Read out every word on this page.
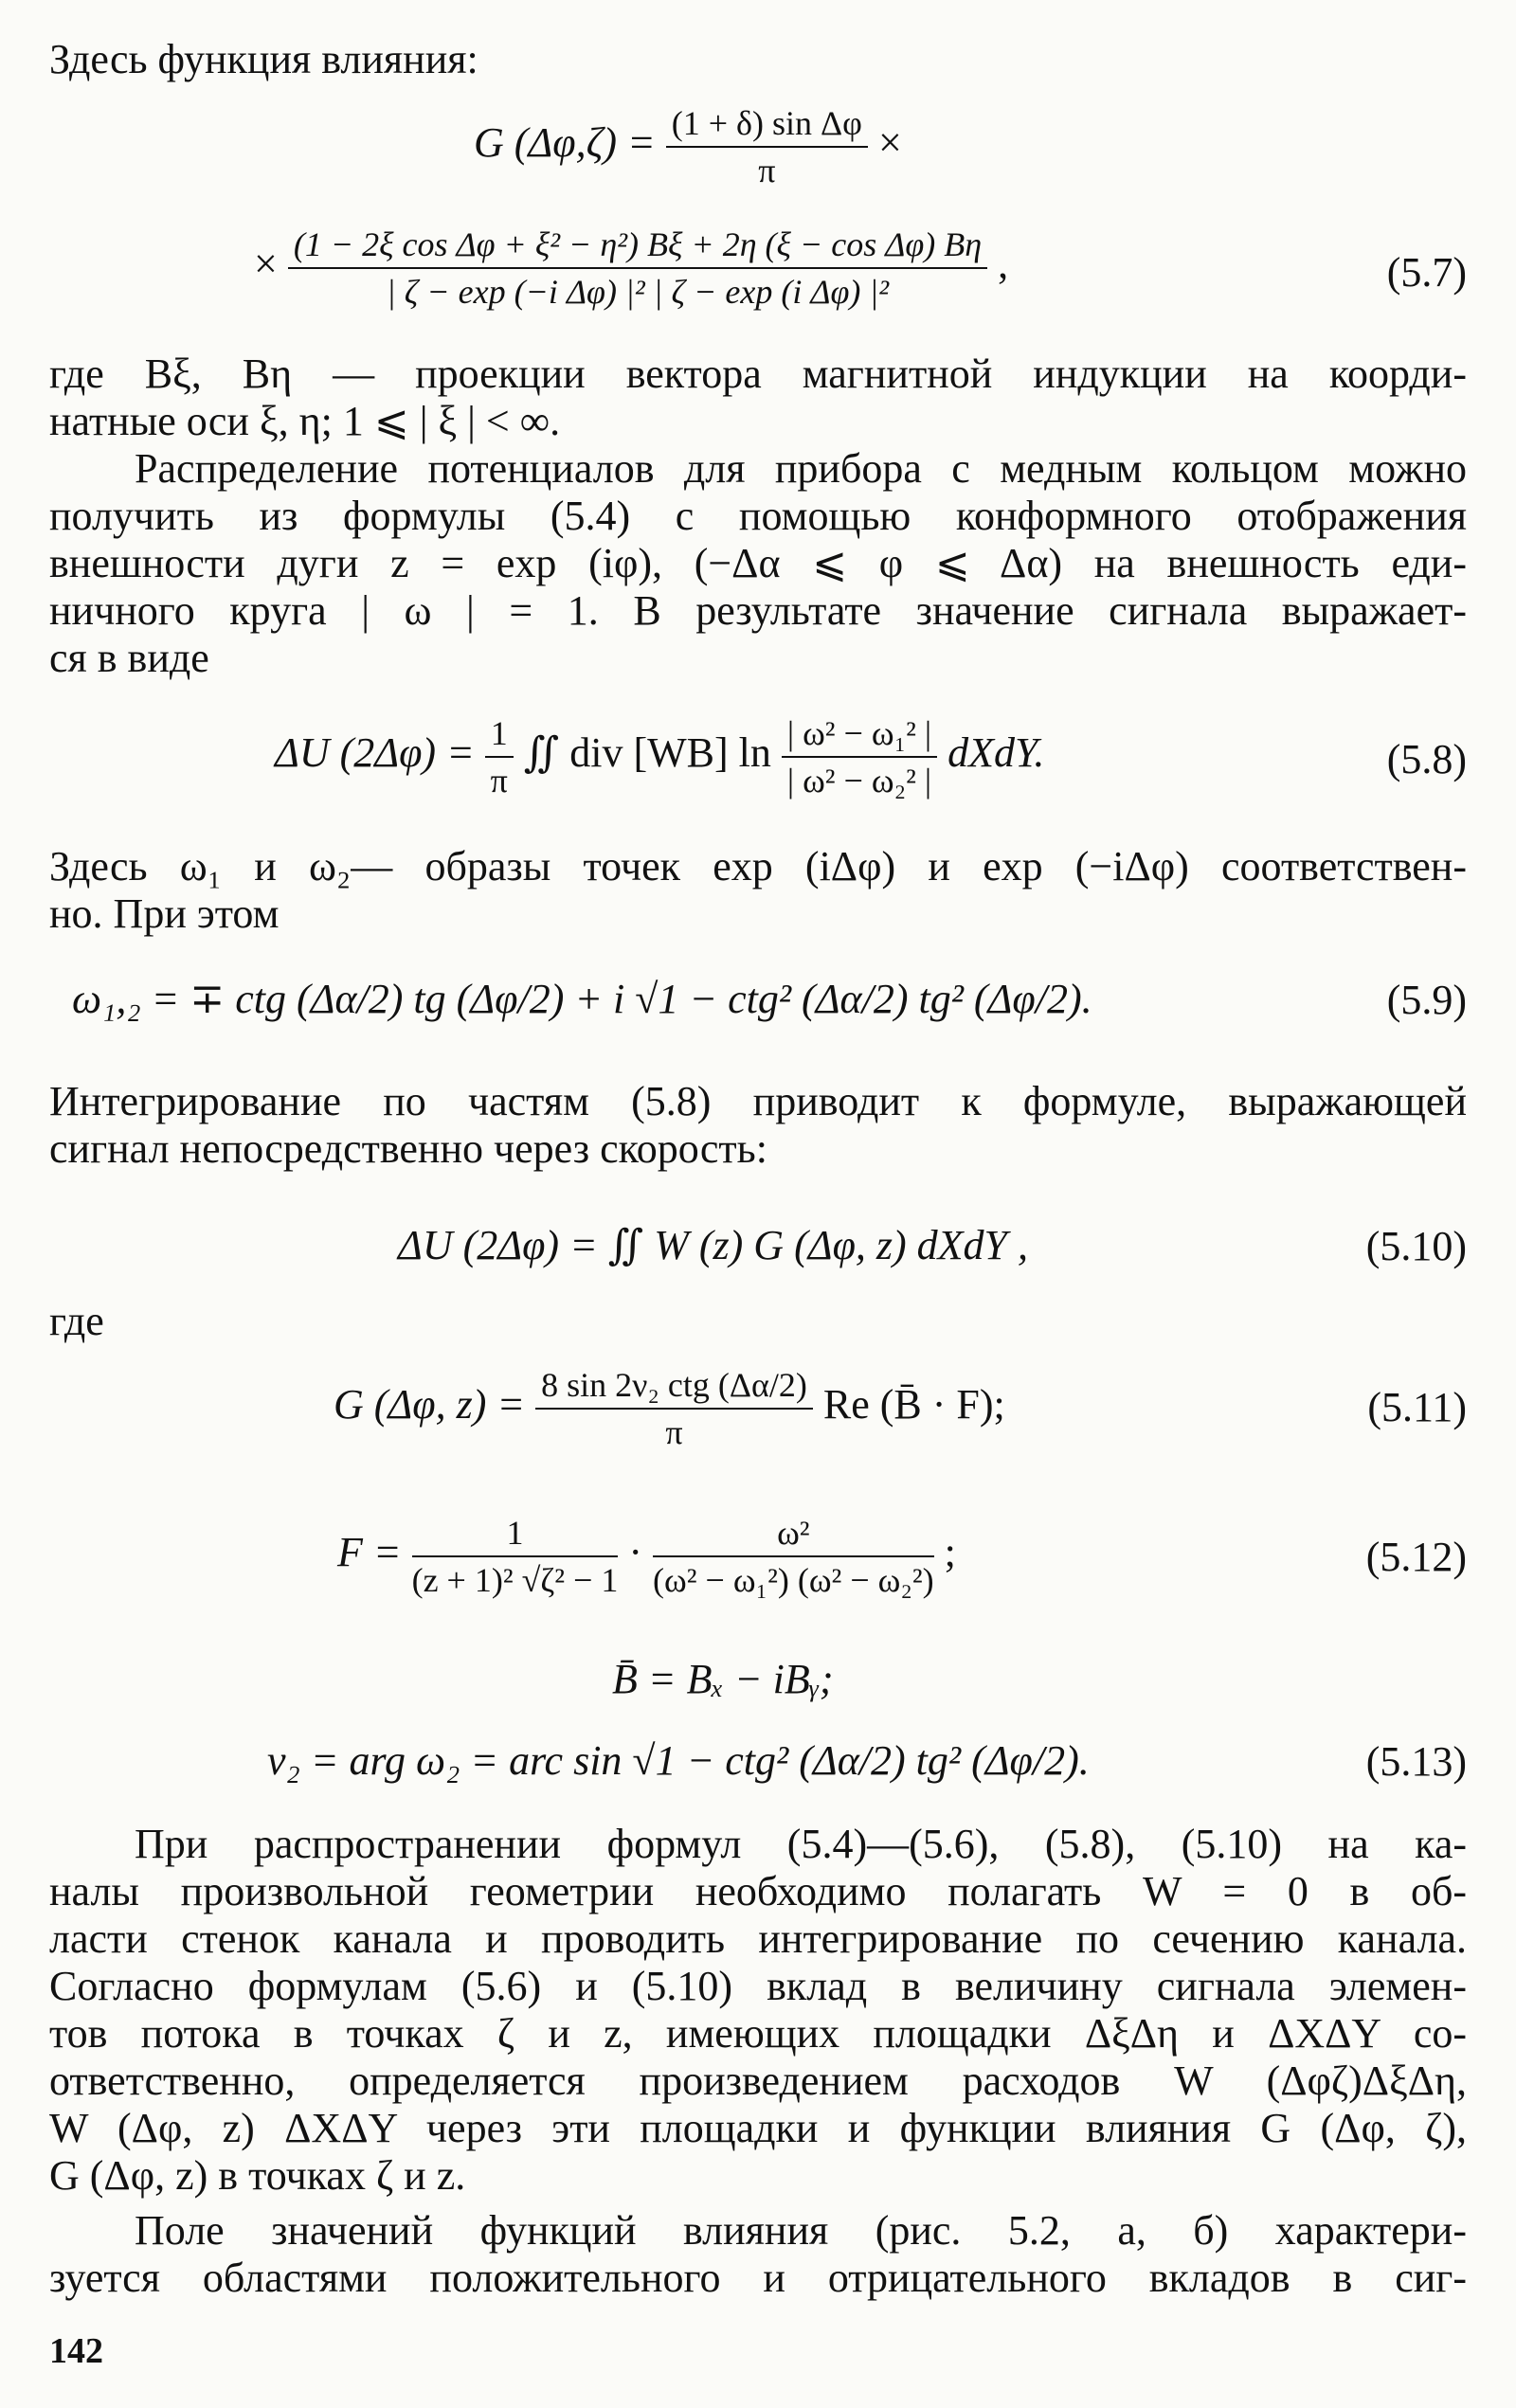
Здесь функция влияния:
G $(\Delta\varphi,\zeta) = \frac{\text{(1 + δ) sin Δφ}}{\pi}$ ×
× $\frac{\text{(1 − 2ξ cos Δφ + ξ² − η²) Bξ + 2η (ξ − cos Δφ) Bη}}{\text{| ζ − exp (−i Δφ) |² | ζ − exp (i Δφ) |²}}$ ,	(5.7)
где Bξ, Bη — проекции вектора магнитной индукции на коорди-
натные оси ξ, η; 1 ⩽ | ξ | < ∞.
Распределение потенциалов для прибора с медным кольцом можно
получить из формулы (5.4) с помощью конформного отображения
внешности дуги z = exp (iφ), (−Δα ⩽ φ ⩽ Δα) на внешность еди-
ничного круга | ω | = 1. В результате значение сигнала выражает-
ся в виде
ΔU $(2\Delta\varphi) = \frac{1}{\pi}$ ∬ div [WB] $\ln \frac{\text{| ω² − ω₁² |}}{\text{| ω² − ω₂² |}}$ dXdY.	(5.8)
Здесь ω₁ и ω₂— образы точек exp (iΔφ) и exp (−iΔφ) соответствен-
но. При этом
ω₁,₂ = ∓ ctg (Δα/2) tg (Δφ/2) + i √1 − ctg² (Δα/2) tg² (Δφ/2).	(5.9)
Интегрирование по частям (5.8) приводит к формуле, выражающей
сигнал непосредственно через скорость:
ΔU (2Δφ) = ∬ W (z) G (Δφ, z) dXdY ,	(5.10)
где
G (Δφ, $z) = \frac{\text{8 sin 2ν₂ ctg (Δα/2)}}{\pi}$ Re (B̄ · F);	(5.11)
$F = \frac{1}{\text{(z + 1)² √ζ² − 1}} \cdot \frac{\text{ω²}}{\text{(ω² − ω₁²) (ω² − ω₂²)}}$ ;	(5.12)
B̄ = Bₓ − iBᵧ;
ν₂ = arg ω₂ = arc sin √1 − ctg² (Δα/2) tg² (Δφ/2).	(5.13)
При распространении формул (5.4)—(5.6), (5.8), (5.10) на ка-
налы произвольной геометрии необходимо полагать W = 0 в об-
ласти стенок канала и проводить интегрирование по сечению канала.
Согласно формулам (5.6) и (5.10) вклад в величину сигнала элемен-
тов потока в точках ζ и z, имеющих площадки ΔξΔη и ΔXΔY со-
ответственно, определяется произведением расходов W (Δφζ)ΔξΔη,
W (Δφ, z) ΔXΔY через эти площадки и функции влияния G (Δφ, ζ),
G (Δφ, z) в точках ζ и z.
Поле значений функций влияния (рис. 5.2, а, б) характери-
зуется областями положительного и отрицательного вкладов в сиг-
142
